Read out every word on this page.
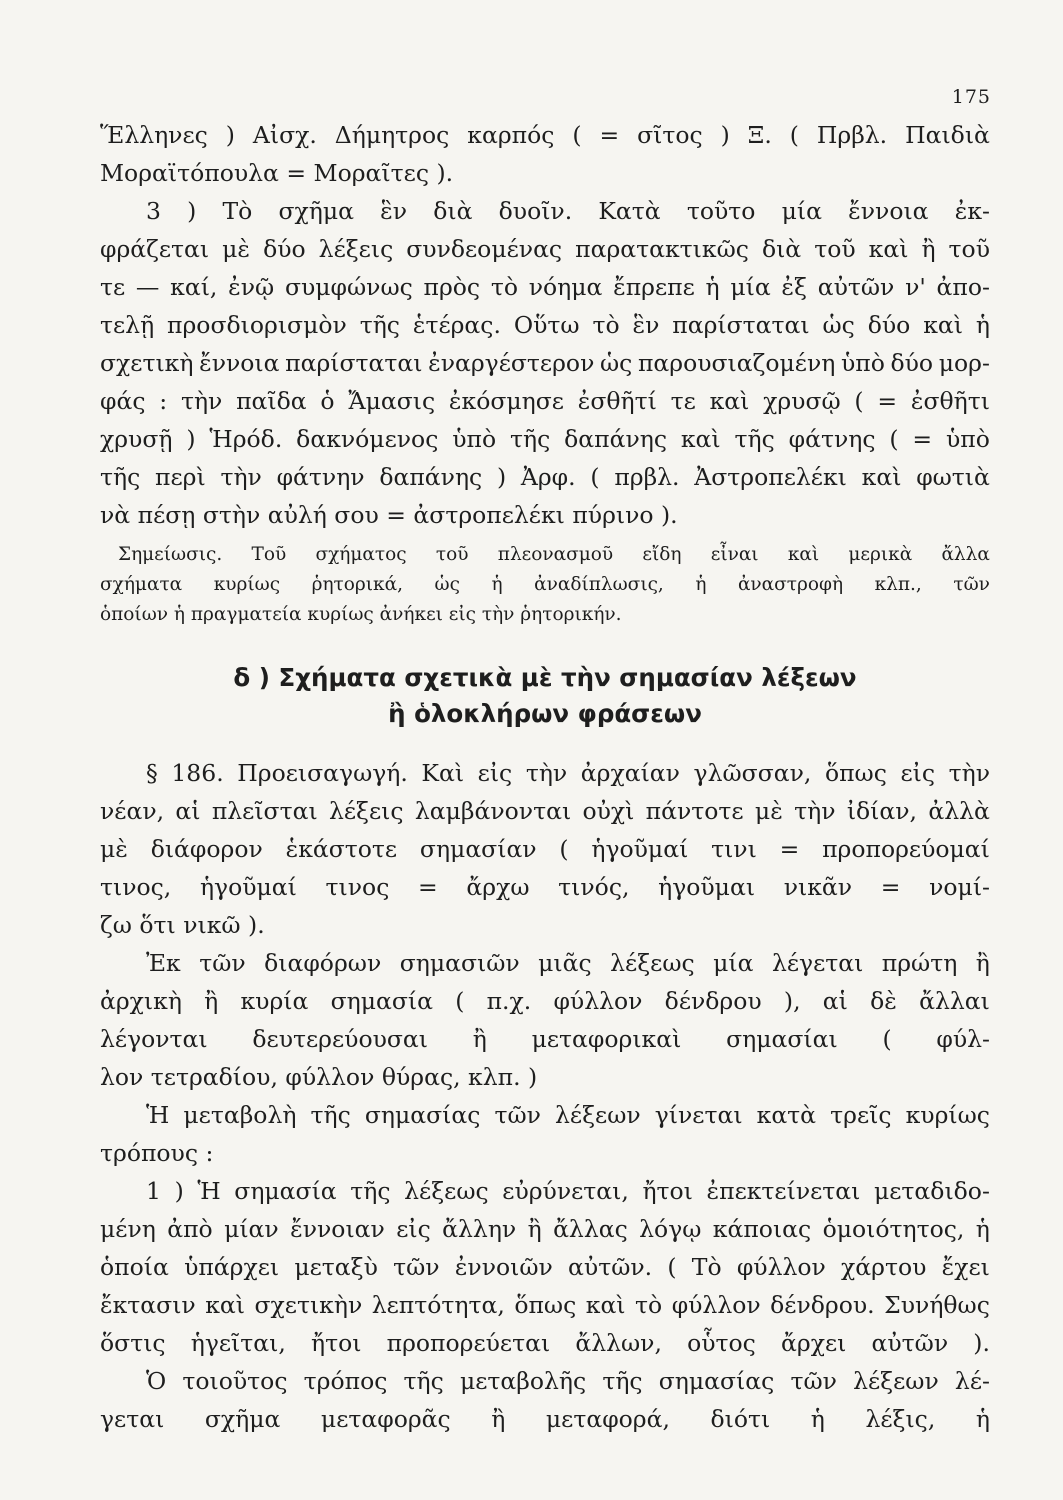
175
Ἕλληνες ) Αἰσχ. Δήμητρος καρπός ( = σῖτος ) Ξ. ( Πρβλ. Παιδιὰ
Μοραϊτόπουλα = Μοραῖτες ).
3 ) Τὸ σχῆμα ἓν διὰ δυοῖν. Κατὰ τοῦτο μία ἔννοια ἐκ-
φράζεται μὲ δύο λέξεις συνδεομένας παρατακτικῶς διὰ τοῦ καὶ ἢ τοῦ
τε — καί, ἐνῷ συμφώνως πρὸς τὸ νόημα ἔπρεπε ἡ μία ἐξ αὐτῶν ν' ἀπο-
τελῇ προσδιορισμὸν τῆς ἑτέρας. Οὕτω τὸ ἓν παρίσταται ὡς δύο καὶ ἡ
σχετικὴ ἔννοια παρίσταται ἐναργέστερον ὡς παρουσιαζομένη ὑπὸ δύο μορ-
φάς : τὴν παῖδα ὁ Ἄμασις ἐκόσμησε ἐσθῆτί τε καὶ χρυσῷ ( = ἐσθῆτι
χρυσῇ ) Ἡρόδ. δακνόμενος ὑπὸ τῆς δαπάνης καὶ τῆς φάτνης ( = ὑπὸ
τῆς περὶ τὴν φάτνην δαπάνης ) Ἀρφ. ( πρβλ. Ἀστροπελέκι καὶ φωτιὰ
νὰ πέσῃ στὴν αὐλή σου = ἀστροπελέκι πύρινο ).
Σημείωσις. Τοῦ σχήματος τοῦ πλεονασμοῦ εἴδη εἶναι καὶ μερικὰ ἄλλα
σχήματα κυρίως ῥητορικά, ὡς ἡ ἀναδίπλωσις, ἡ ἀναστροφὴ κλπ., τῶν
ὁποίων ἡ πραγματεία κυρίως ἀνήκει εἰς τὴν ῥητορικήν.
δ ) Σχήματα σχετικὰ μὲ τὴν σημασίαν λέξεων
ἢ ὁλοκλήρων φράσεων
§ 186. Προεισαγωγή. Καὶ εἰς τὴν ἀρχαίαν γλῶσσαν, ὅπως εἰς τὴν
νέαν, αἱ πλεῖσται λέξεις λαμβάνονται οὐχὶ πάντοτε μὲ τὴν ἰδίαν, ἀλλὰ
μὲ διάφορον ἑκάστοτε σημασίαν ( ἡγοῦμαί τινι = προπορεύομαί
τινος, ἡγοῦμαί τινος = ἄρχω τινός, ἡγοῦμαι νικᾶν = νομί-
ζω ὅτι νικῶ ).
Ἐκ τῶν διαφόρων σημασιῶν μιᾶς λέξεως μία λέγεται πρώτη ἢ
ἀρχικὴ ἢ κυρία σημασία ( π.χ. φύλλον δένδρου ), αἱ δὲ ἄλλαι
λέγονται δευτερεύουσαι ἢ μεταφορικαὶ σημασίαι ( φύλ-
λον τετραδίου, φύλλον θύρας, κλπ. )
Ἡ μεταβολὴ τῆς σημασίας τῶν λέξεων γίνεται κατὰ τρεῖς κυρίως
τρόπους :
1 ) Ἡ σημασία τῆς λέξεως εὐρύνεται, ἤτοι ἐπεκτείνεται μεταδιδο-
μένη ἀπὸ μίαν ἔννοιαν εἰς ἄλλην ἢ ἄλλας λόγῳ κάποιας ὁμοιότητος, ἡ
ὁποία ὑπάρχει μεταξὺ τῶν ἐννοιῶν αὐτῶν. ( Τὸ φύλλον χάρτου ἔχει
ἔκτασιν καὶ σχετικὴν λεπτότητα, ὅπως καὶ τὸ φύλλον δένδρου. Συνήθως
ὅστις ἡγεῖται, ἤτοι προπορεύεται ἄλλων, οὗτος ἄρχει αὐτῶν ).
Ὁ τοιοῦτος τρόπος τῆς μεταβολῆς τῆς σημασίας τῶν λέξεων λέ-
γεται σχῆμα μεταφορᾶς ἢ μεταφορά, διότι ἡ λέξις, ἡ
